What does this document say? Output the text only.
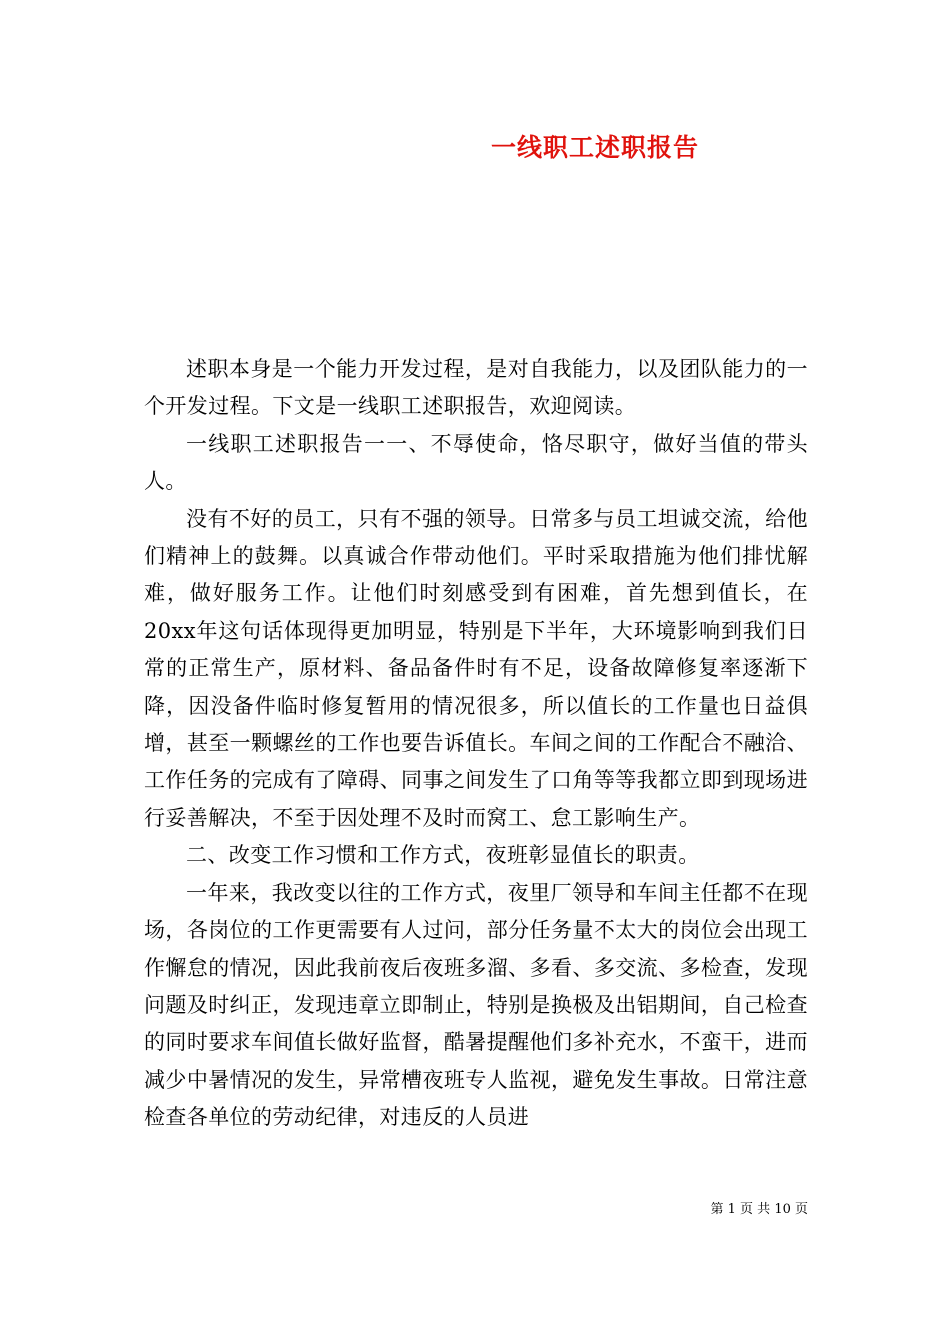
一线职工述职报告

述职本身是一个能力开发过程，是对自我能力，以及团队能力的一个开发过程。下文是一线职工述职报告，欢迎阅读。

一线职工述职报告一一、不辱使命，恪尽职守，做好当值的带头人。

没有不好的员工，只有不强的领导。日常多与员工坦诚交流，给他们精神上的鼓舞。以真诚合作带动他们。平时采取措施为他们排忧解难，做好服务工作。让他们时刻感受到有困难，首先想到值长，在20xx年这句话体现得更加明显，特别是下半年，大环境影响到我们日常的正常生产，原材料、备品备件时有不足，设备故障修复率逐渐下降，因没备件临时修复暂用的情况很多，所以值长的工作量也日益俱增，甚至一颗螺丝的工作也要告诉值长。车间之间的工作配合不融洽、工作任务的完成有了障碍、同事之间发生了口角等等我都立即到现场进行妥善解决，不至于因处理不及时而窝工、怠工影响生产。

二、改变工作习惯和工作方式，夜班彰显值长的职责。

一年来，我改变以往的工作方式，夜里厂领导和车间主任都不在现场，各岗位的工作更需要有人过问，部分任务量不太大的岗位会出现工作懈怠的情况，因此我前夜后夜班多溜、多看、多交流、多检查，发现问题及时纠正，发现违章立即制止，特别是换极及出铝期间，自己检查的同时要求车间值长做好监督，酷暑提醒他们多补充水，不蛮干，进而减少中暑情况的发生，异常槽夜班专人监视，避免发生事故。日常注意检查各单位的劳动纪律，对违反的人员进

第 1 页 共 10 页
